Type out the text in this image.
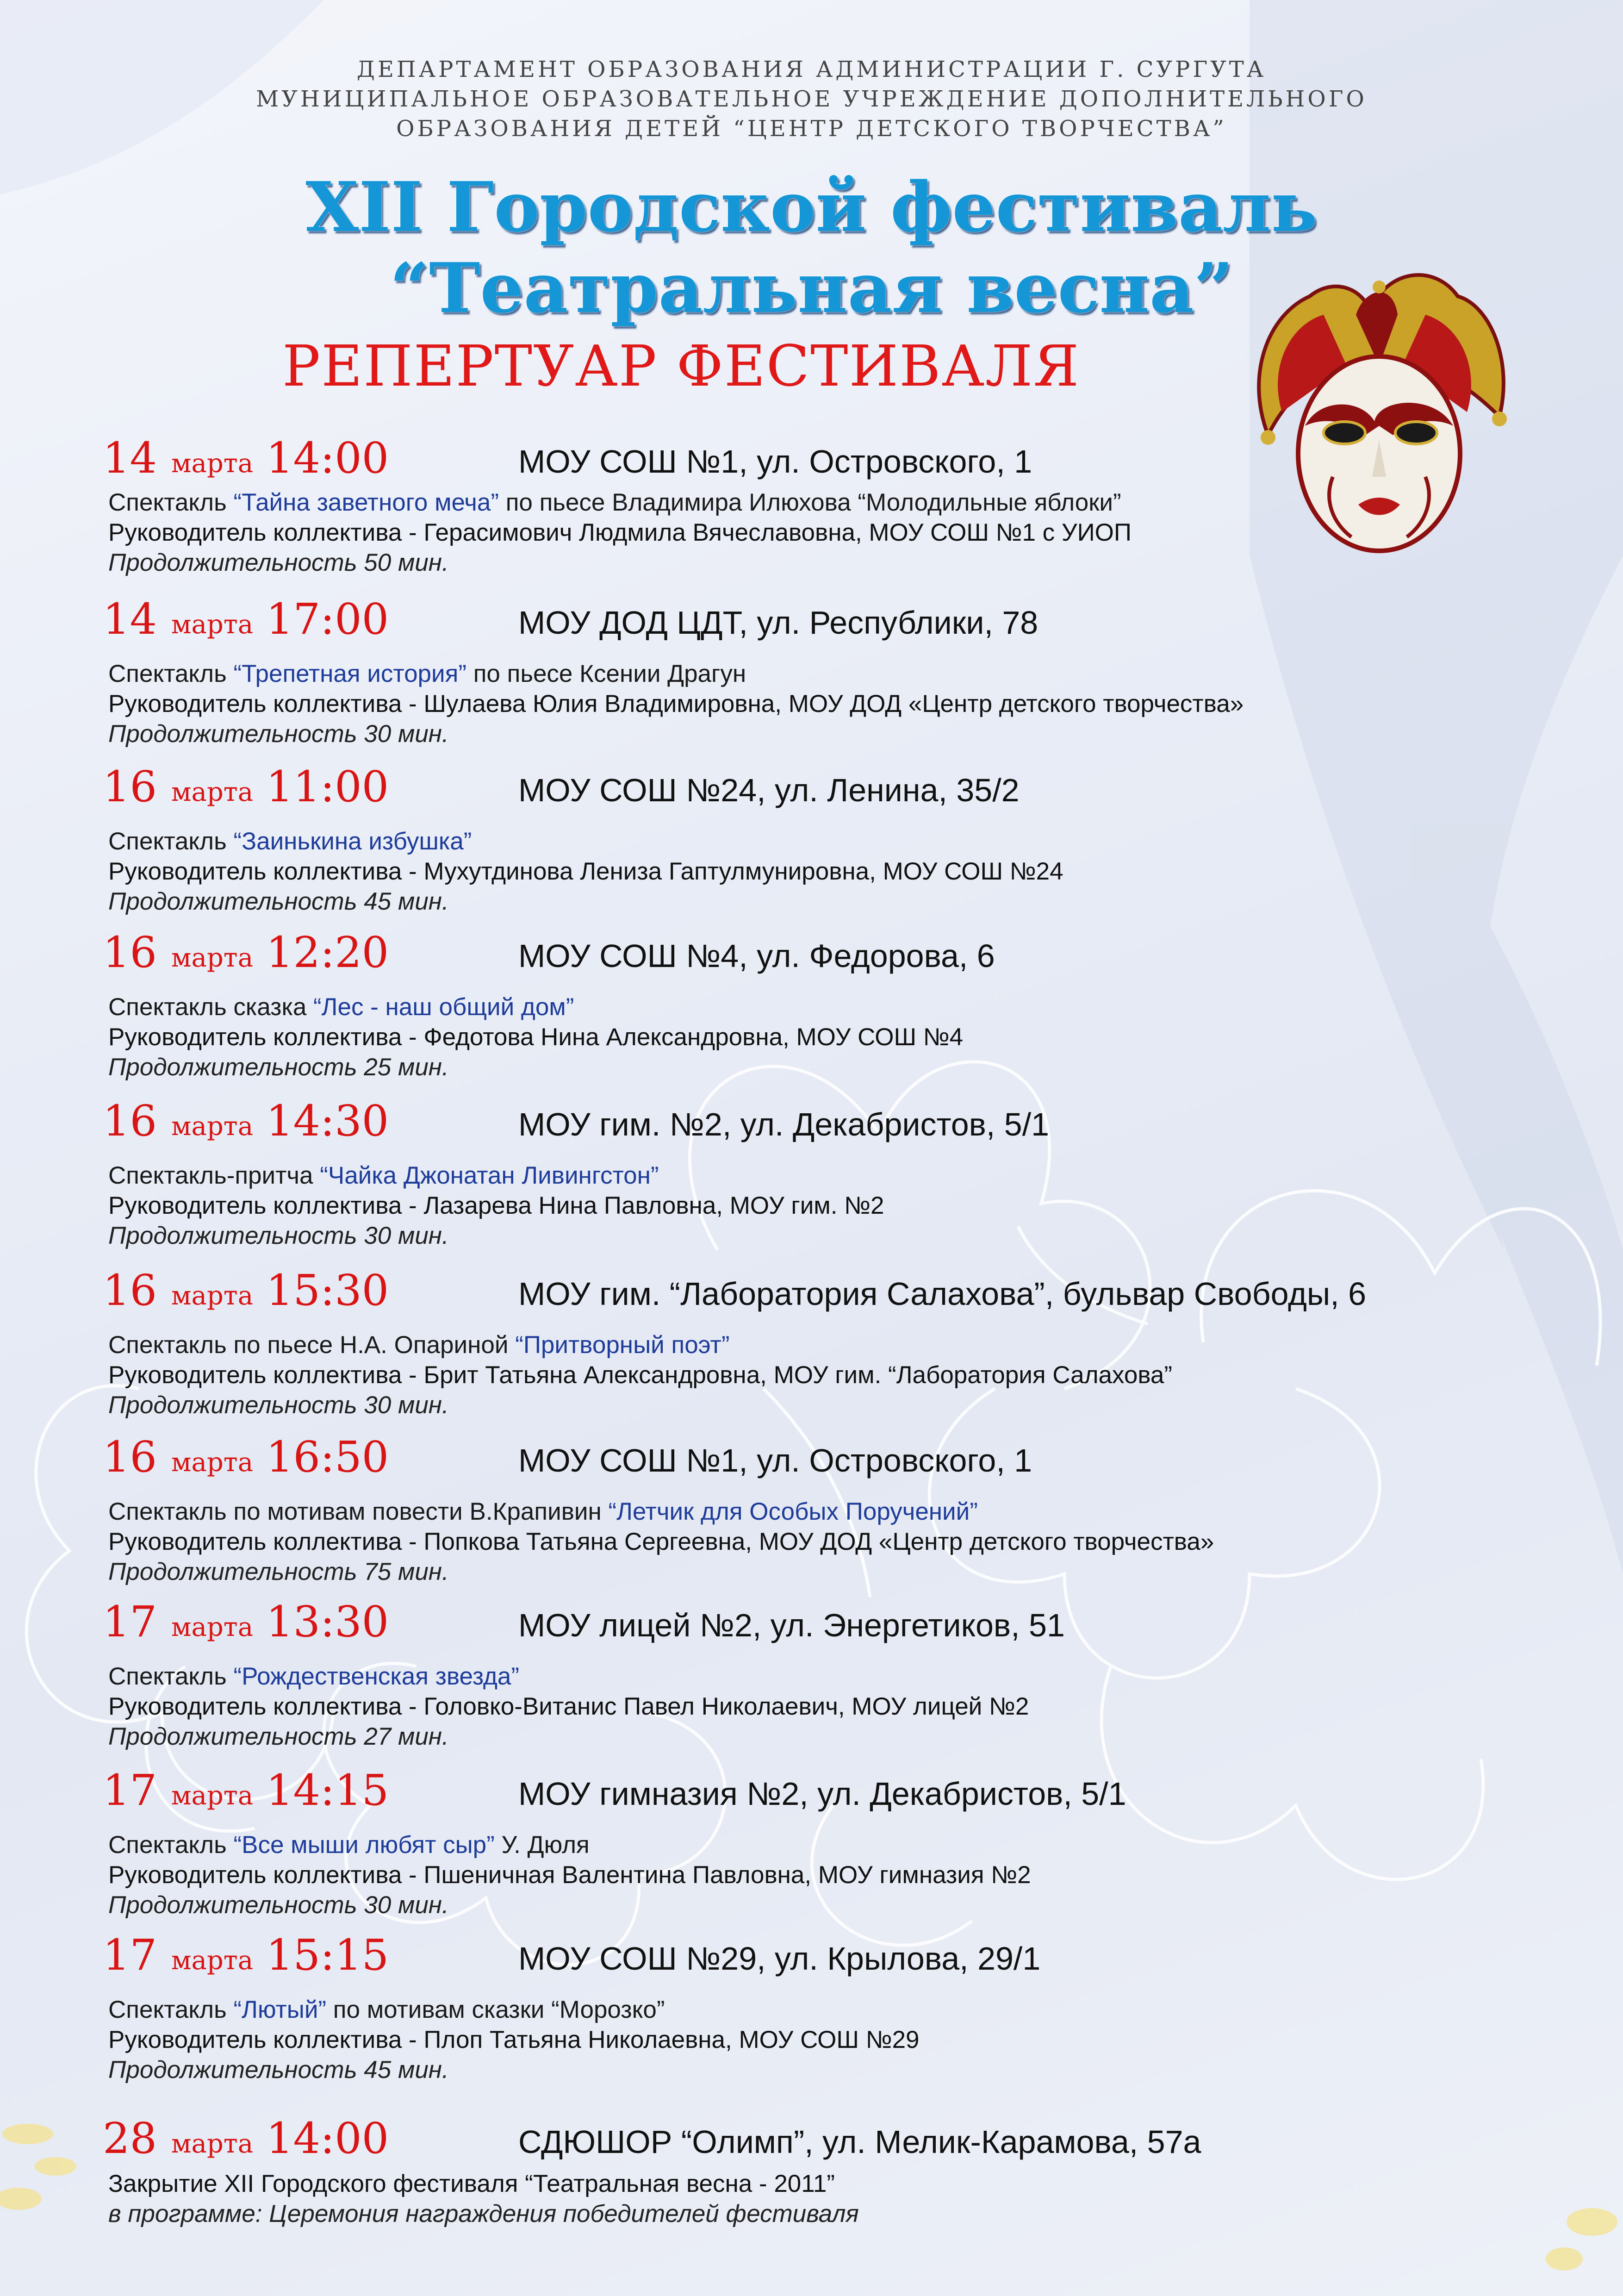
ДЕПАРТАМЕНТ ОБРАЗОВАНИЯ АДМИНИСТРАЦИИ Г. СУРГУТА
МУНИЦИПАЛЬНОЕ ОБРАЗОВАТЕЛЬНОЕ УЧРЕЖДЕНИЕ ДОПОЛНИТЕЛЬНОГО
ОБРАЗОВАНИЯ ДЕТЕЙ “ЦЕНТР ДЕТСКОГО ТВОРЧЕСТВА”
XII Городской фестиваль
“Театральная весна”
РЕПЕРТУАР ФЕСТИВАЛЯ
14 марта 14:00	МОУ СОШ №1, ул. Островского, 1
Спектакль “Тайна заветного меча” по пьесе Владимира Илюхова “Молодильные яблоки”
Руководитель коллектива - Герасимович Людмила Вячеславовна, МОУ СОШ №1 с УИОП
Продолжительность 50 мин.
14 марта 17:00	МОУ ДОД ЦДТ, ул. Республики, 78
Спектакль “Трепетная история” по пьесе Ксении Драгун
Руководитель коллектива - Шулаева Юлия Владимировна, МОУ ДОД «Центр детского творчества»
Продолжительность 30 мин.
16 марта 11:00	МОУ СОШ №24, ул. Ленина, 35/2
Спектакль “Заинькина избушка”
Руководитель коллектива - Мухутдинова Лениза Гаптулмунировна, МОУ СОШ №24
Продолжительность 45 мин.
16 марта 12:20	МОУ СОШ №4, ул. Федорова, 6
Спектакль сказка “Лес - наш общий дом”
Руководитель коллектива - Федотова Нина Александровна, МОУ СОШ №4
Продолжительность 25 мин.
16 марта 14:30	МОУ гим. №2, ул. Декабристов, 5/1
Спектакль-притча “Чайка Джонатан Ливингстон”
Руководитель коллектива - Лазарева Нина Павловна, МОУ гим. №2
Продолжительность 30 мин.
16 марта 15:30	МОУ гим. “Лаборатория Салахова”, бульвар Свободы, 6
Спектакль по пьесе Н.А. Опариной “Притворный поэт”
Руководитель коллектива - Брит Татьяна Александровна, МОУ гим. “Лаборатория Салахова”
Продолжительность 30 мин.
16 марта 16:50	МОУ СОШ №1, ул. Островского, 1
Спектакль по мотивам повести В.Крапивин “Летчик для Особых Поручений”
Руководитель коллектива - Попкова Татьяна Сергеевна, МОУ ДОД «Центр детского творчества»
Продолжительность 75 мин.
17 марта 13:30	МОУ лицей №2, ул. Энергетиков, 51
Спектакль “Рождественская звезда”
Руководитель коллектива - Головко-Витанис Павел Николаевич, МОУ лицей №2
Продолжительность 27 мин.
17 марта 14:15	МОУ гимназия №2, ул. Декабристов, 5/1
Спектакль “Все мыши любят сыр” У. Дюля
Руководитель коллектива - Пшеничная Валентина Павловна, МОУ гимназия №2
Продолжительность 30 мин.
17 марта 15:15	МОУ СОШ №29, ул. Крылова, 29/1
Спектакль “Лютый” по мотивам сказки “Морозко”
Руководитель коллектива - Плоп Татьяна Николаевна, МОУ СОШ №29
Продолжительность 45 мин.
28 марта 14:00	СДЮШОР “Олимп”, ул. Мелик-Карамова, 57а
Закрытие XII Городского фестиваля “Театральная весна - 2011”
в программе: Церемония награждения победителей фестиваля
